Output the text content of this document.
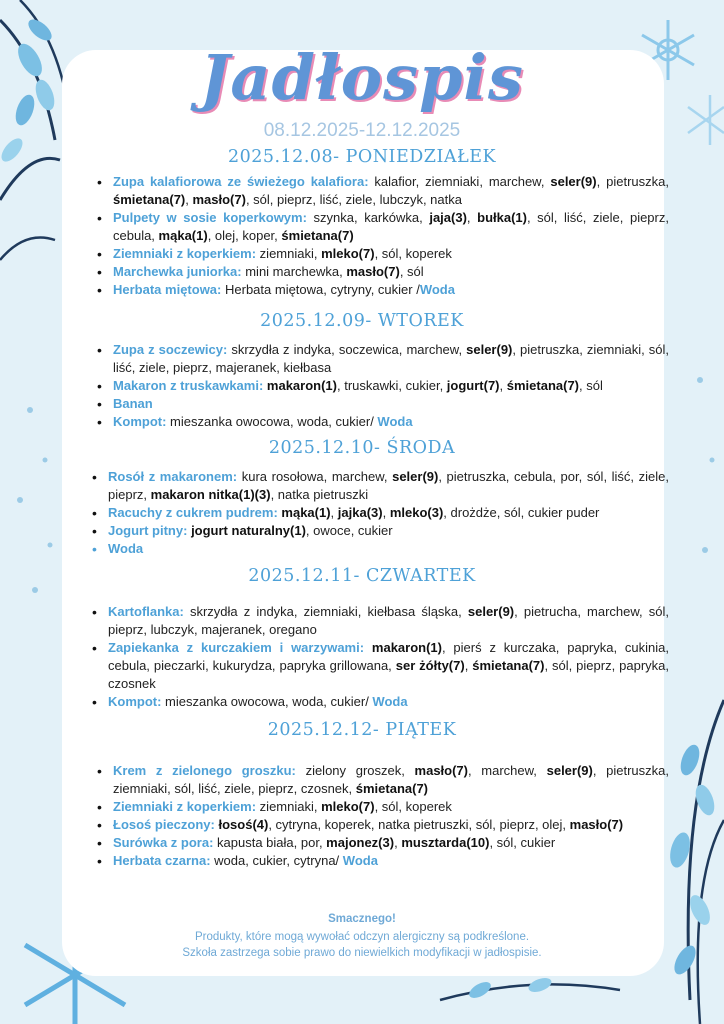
Jadłospis
08.12.2025-12.12.2025
2025.12.08- PONIEDZIAŁEK
• Zupa kalafiorowa ze świeżego kalafiora: kalafior, ziemniaki, marchew, seler(9), pietruszka, śmietana(7), masło(7), sól, pieprz, liść, ziele, lubczyk, natka
• Pulpety w sosie koperkowym: szynka, karkówka, jaja(3), bułka(1), sól, liść, ziele, pieprz, cebula, mąka(1), olej, koper, śmietana(7)
• Ziemniaki z koperkiem: ziemniaki, mleko(7), sól, koperek
• Marchewka juniorka: mini marchewka, masło(7), sól
• Herbata miętowa: Herbata miętowa, cytryny, cukier /Woda
2025.12.09- WTOREK
• Zupa z soczewicy: skrzydła z indyka, soczewica, marchew, seler(9), pietruszka, ziemniaki, sól, liść, ziele, pieprz, majeranek, kiełbasa
• Makaron z truskawkami: makaron(1), truskawki, cukier, jogurt(7), śmietana(7), sól
• Banan
• Kompot: mieszanka owocowa, woda, cukier/ Woda
2025.12.10- ŚRODA
• Rosół z makaronem: kura rosołowa, marchew, seler(9), pietruszka, cebula, por, sól, liść, ziele, pieprz, makaron nitka(1)(3), natka pietruszki
• Racuchy z cukrem pudrem: mąka(1), jajka(3), mleko(3), drożdże, sól, cukier puder
• Jogurt pitny: jogurt naturalny(1), owoce, cukier
• Woda
2025.12.11- CZWARTEK
• Kartoflanka: skrzydła z indyka, ziemniaki, kiełbasa śląska, seler(9), pietrucha, marchew, sól, pieprz, lubczyk, majeranek, oregano
• Zapiekanka z kurczakiem i warzywami: makaron(1), pierś z kurczaka, papryka, cukinia, cebula, pieczarki, kukurydza, papryka grillowana, ser żółty(7), śmietana(7), sól, pieprz, papryka, czosnek
• Kompot: mieszanka owocowa, woda, cukier/ Woda
2025.12.12- PIĄTEK
• Krem z zielonego groszku: zielony groszek, masło(7), marchew, seler(9), pietruszka, ziemniaki, sól, liść, ziele, pieprz, czosnek, śmietana(7)
• Ziemniaki z koperkiem: ziemniaki, mleko(7), sól, koperek
• Łosoś pieczony: łosoś(4), cytryna, koperek, natka pietruszki, sól, pieprz, olej, masło(7)
• Surówka z pora: kapusta biała, por, majonez(3), musztarda(10), sól, cukier
• Herbata czarna: woda, cukier, cytryna/ Woda
Smacznego!
Produkty, które mogą wywołać odczyn alergiczny są podkreślone.
Szkoła zastrzega sobie prawo do niewielkich modyfikacji w jadłospisie.
